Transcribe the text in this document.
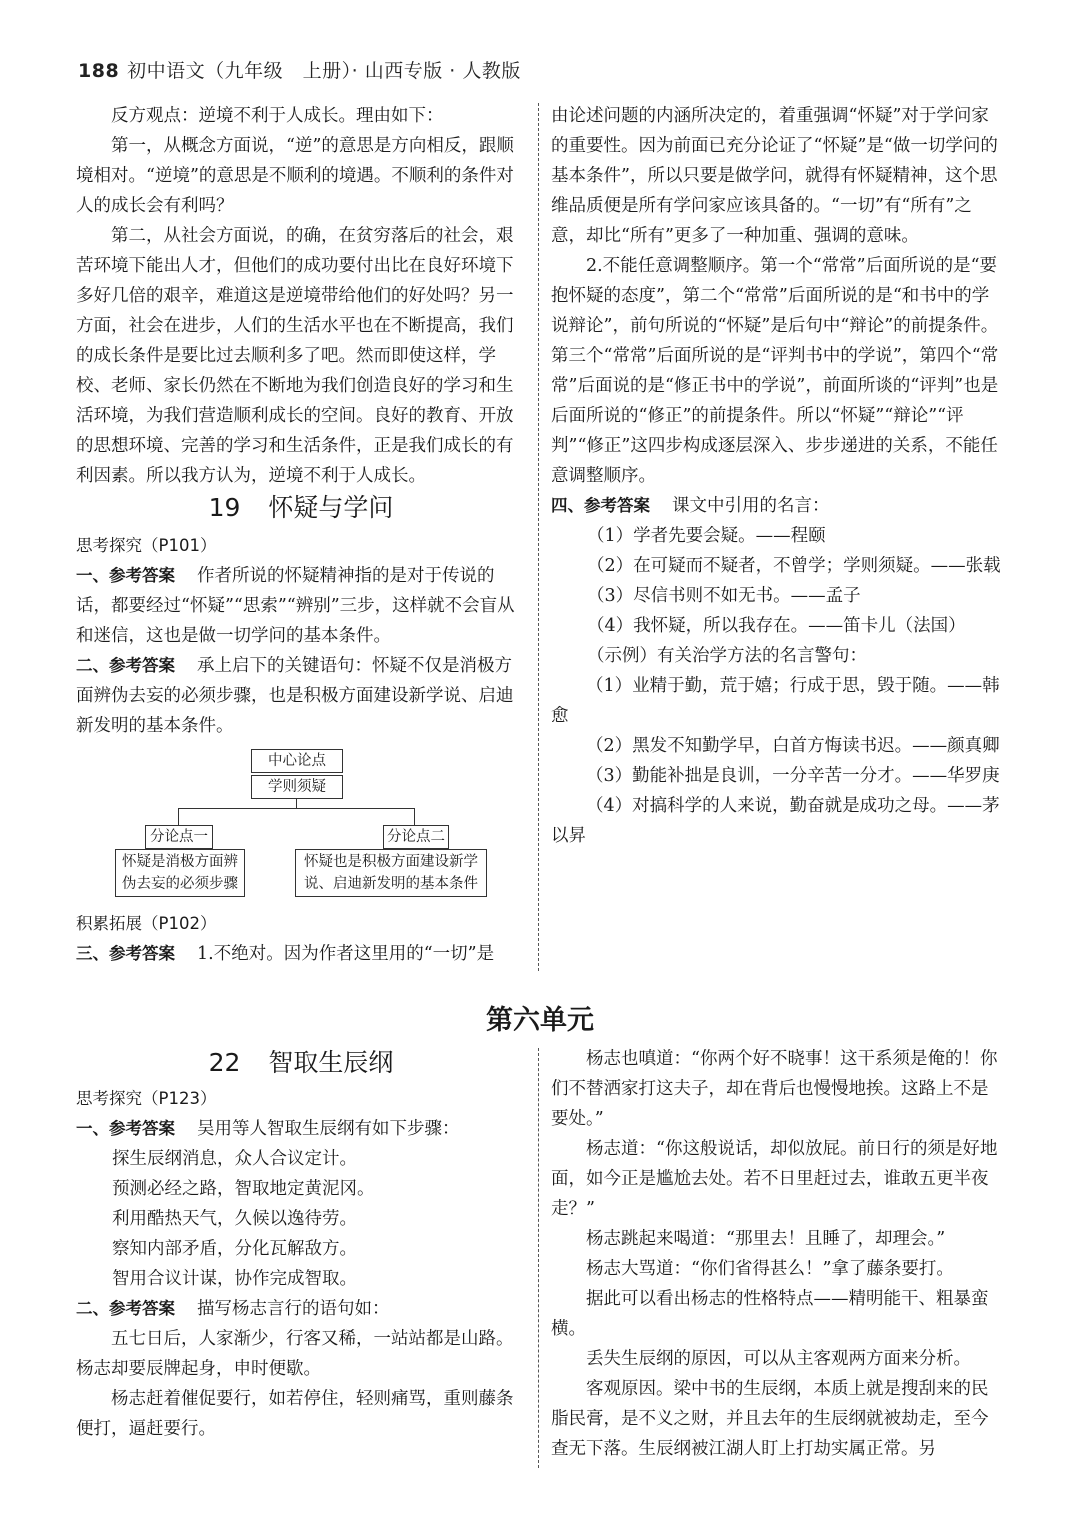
188 初中语文（九年级　上册）· 山西专版 · 人教版

反方观点：逆境不利于人成长。理由如下：

第一，从概念方面说，“逆”的意思是方向相反，跟顺境相对。“逆境”的意思是不顺利的境遇。不顺利的条件对人的成长会有利吗？

第二，从社会方面说，的确，在贫穷落后的社会，艰苦环境下能出人才，但他们的成功要付出比在良好环境下多好几倍的艰辛，难道这是逆境带给他们的好处吗？另一方面，社会在进步，人们的生活水平也在不断提高，我们的成长条件是要比过去顺利多了吧。然而即使这样，学校、老师、家长仍然在不断地为我们创造良好的学习和生活环境，为我们营造顺利成长的空间。良好的教育、开放的思想环境、完善的学习和生活条件，正是我们成长的有利因素。所以我方认为，逆境不利于人成长。

19 怀疑与学问

思考探究（P101）

一、参考答案 作者所说的怀疑精神指的是对于传说的话，都要经过“怀疑”“思索”“辨别”三步，这样就不会盲从和迷信，这也是做一切学问的基本条件。

二、参考答案 承上启下的关键语句：怀疑不仅是消极方面辨伪去妄的必须步骤，也是积极方面建设新学说、启迪新发明的基本条件。

中心论点
学则须疑
分论点一	分论点二
怀疑是消极方面辨
伪去妄的必须步骤
怀疑也是积极方面建设新学
说、启迪新发明的基本条件

积累拓展（P102）

三、参考答案 1.不绝对。因为作者这里用的“一切”是

由论述问题的内涵所决定的，着重强调“怀疑”对于学问家的重要性。因为前面已充分论证了“怀疑”是“做一切学问的基本条件”，所以只要是做学问，就得有怀疑精神，这个思维品质便是所有学问家应该具备的。“一切”有“所有”之意，却比“所有”更多了一种加重、强调的意味。

2.不能任意调整顺序。第一个“常常”后面所说的是“要抱怀疑的态度”，第二个“常常”后面所说的是“和书中的学说辩论”，前句所说的“怀疑”是后句中“辩论”的前提条件。第三个“常常”后面所说的是“评判书中的学说”，第四个“常常”后面说的是“修正书中的学说”，前面所谈的“评判”也是后面所说的“修正”的前提条件。所以“怀疑”“辩论”“评判”“修正”这四步构成逐层深入、步步递进的关系，不能任意调整顺序。

四、参考答案 课文中引用的名言：

（1）学者先要会疑。——程颐

（2）在可疑而不疑者，不曾学；学则须疑。——张载

（3）尽信书则不如无书。——孟子

（4）我怀疑，所以我存在。——笛卡儿（法国）

（示例）有关治学方法的名言警句：

（1）业精于勤，荒于嬉；行成于思，毁于随。——韩愈

（2）黑发不知勤学早，白首方悔读书迟。——颜真卿

（3）勤能补拙是良训，一分辛苦一分才。——华罗庚

（4）对搞科学的人来说，勤奋就是成功之母。——茅以昇

第六单元
22 智取生辰纲

思考探究（P123）

一、参考答案 吴用等人智取生辰纲有如下步骤：

探生辰纲消息，众人合议定计。

预测必经之路，智取地定黄泥冈。

利用酷热天气，久候以逸待劳。

察知内部矛盾，分化瓦解敌方。

智用合议计谋，协作完成智取。

二、参考答案 描写杨志言行的语句如：

五七日后，人家渐少，行客又稀，一站站都是山路。杨志却要辰牌起身，申时便歇。

杨志赶着催促要行，如若停住，轻则痛骂，重则藤条便打，逼赶要行。

杨志也嗔道：“你两个好不晓事！这干系须是俺的！你们不替洒家打这夫子，却在背后也慢慢地挨。这路上不是要处。”

杨志道：“你这般说话，却似放屁。前日行的须是好地面，如今正是尴尬去处。若不日里赶过去，谁敢五更半夜走？”

杨志跳起来喝道：“那里去！且睡了，却理会。”

杨志大骂道：“你们省得甚么！”拿了藤条要打。

据此可以看出杨志的性格特点——精明能干、粗暴蛮横。

丢失生辰纲的原因，可以从主客观两方面来分析。

客观原因。梁中书的生辰纲，本质上就是搜刮来的民脂民膏，是不义之财，并且去年的生辰纲就被劫走，至今查无下落。生辰纲被江湖人盯上打劫实属正常。另
